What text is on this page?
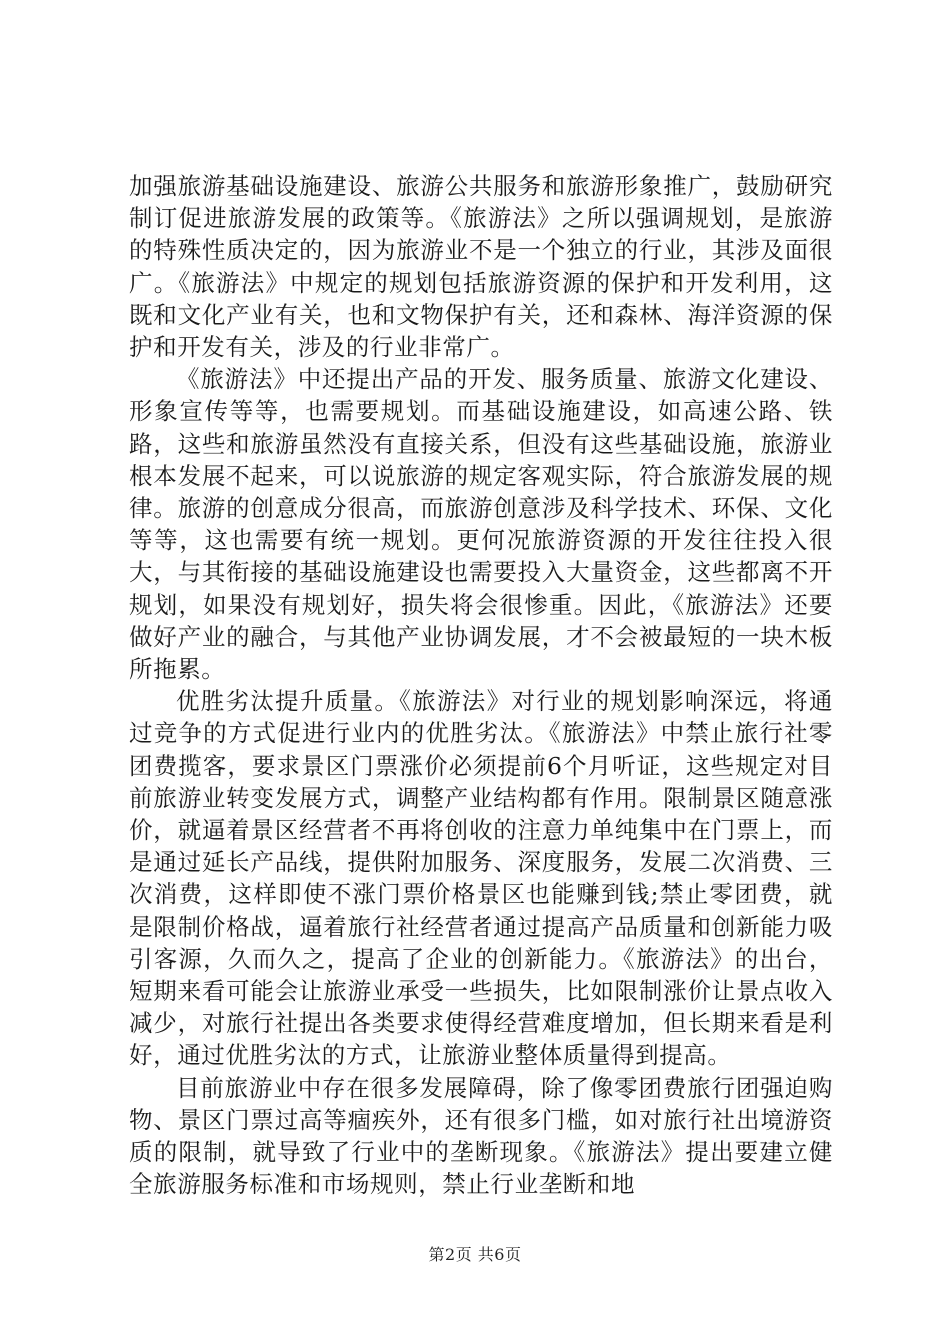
加强旅游基础设施建设、旅游公共服务和旅游形象推广，鼓励研究制订促进旅游发展的政策等。《旅游法》之所以强调规划，是旅游的特殊性质决定的，因为旅游业不是一个独立的行业，其涉及面很广。《旅游法》中规定的规划包括旅游资源的保护和开发利用，这既和文化产业有关，也和文物保护有关，还和森林、海洋资源的保护和开发有关，涉及的行业非常广。

《旅游法》中还提出产品的开发、服务质量、旅游文化建设、形象宣传等等，也需要规划。而基础设施建设，如高速公路、铁路，这些和旅游虽然没有直接关系，但没有这些基础设施，旅游业根本发展不起来，可以说旅游的规定客观实际，符合旅游发展的规律。旅游的创意成分很高，而旅游创意涉及科学技术、环保、文化等等，这也需要有统一规划。更何况旅游资源的开发往往投入很大，与其衔接的基础设施建设也需要投入大量资金，这些都离不开规划，如果没有规划好，损失将会很惨重。因此，《旅游法》还要做好产业的融合，与其他产业协调发展，才不会被最短的一块木板所拖累。

优胜劣汰提升质量。《旅游法》对行业的规划影响深远，将通过竞争的方式促进行业内的优胜劣汰。《旅游法》中禁止旅行社零团费揽客，要求景区门票涨价必须提前6个月听证，这些规定对目前旅游业转变发展方式，调整产业结构都有作用。限制景区随意涨价，就逼着景区经营者不再将创收的注意力单纯集中在门票上，而是通过延长产品线，提供附加服务、深度服务，发展二次消费、三次消费，这样即使不涨门票价格景区也能赚到钱;禁止零团费，就是限制价格战，逼着旅行社经营者通过提高产品质量和创新能力吸引客源，久而久之，提高了企业的创新能力。《旅游法》的出台，短期来看可能会让旅游业承受一些损失，比如限制涨价让景点收入减少，对旅行社提出各类要求使得经营难度增加，但长期来看是利好，通过优胜劣汰的方式，让旅游业整体质量得到提高。

目前旅游业中存在很多发展障碍，除了像零团费旅行团强迫购物、景区门票过高等痼疾外，还有很多门槛，如对旅行社出境游资质的限制，就导致了行业中的垄断现象。《旅游法》提出要建立健全旅游服务标准和市场规则，禁止行业垄断和地

第2页 共6页
